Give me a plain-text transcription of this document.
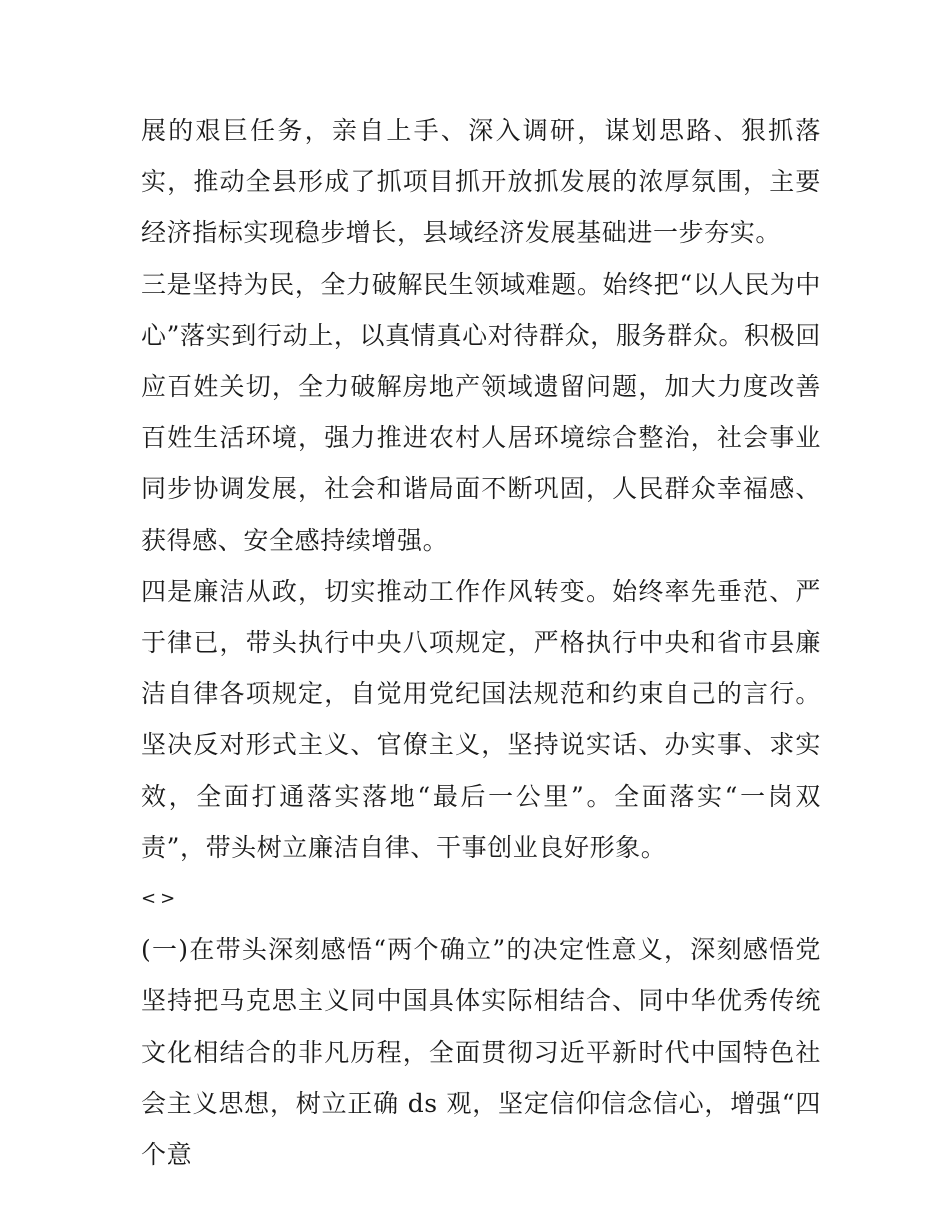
展的艰巨任务，亲自上手、深入调研，谋划思路、狠抓落实，推动全县形成了抓项目抓开放抓发展的浓厚氛围，主要经济指标实现稳步增长，县域经济发展基础进一步夯实。

三是坚持为民，全力破解民生领域难题。始终把“以人民为中心”落实到行动上，以真情真心对待群众，服务群众。积极回应百姓关切，全力破解房地产领域遗留问题，加大力度改善百姓生活环境，强力推进农村人居环境综合整治，社会事业同步协调发展，社会和谐局面不断巩固，人民群众幸福感、获得感、安全感持续增强。

四是廉洁从政，切实推动工作作风转变。始终率先垂范、严于律已，带头执行中央八项规定，严格执行中央和省市县廉洁自律各项规定，自觉用党纪国法规范和约束自己的言行。坚决反对形式主义、官僚主义，坚持说实话、办实事、求实效，全面打通落实落地“最后一公里”。全面落实“一岗双责”，带头树立廉洁自律、干事创业良好形象。

<>

(一)在带头深刻感悟“两个确立”的决定性意义，深刻感悟党坚持把马克思主义同中国具体实际相结合、同中华优秀传统文化相结合的非凡历程，全面贯彻习近平新时代中国特色社会主义思想，树立正确 ds 观，坚定信仰信念信心，增强“四个意
